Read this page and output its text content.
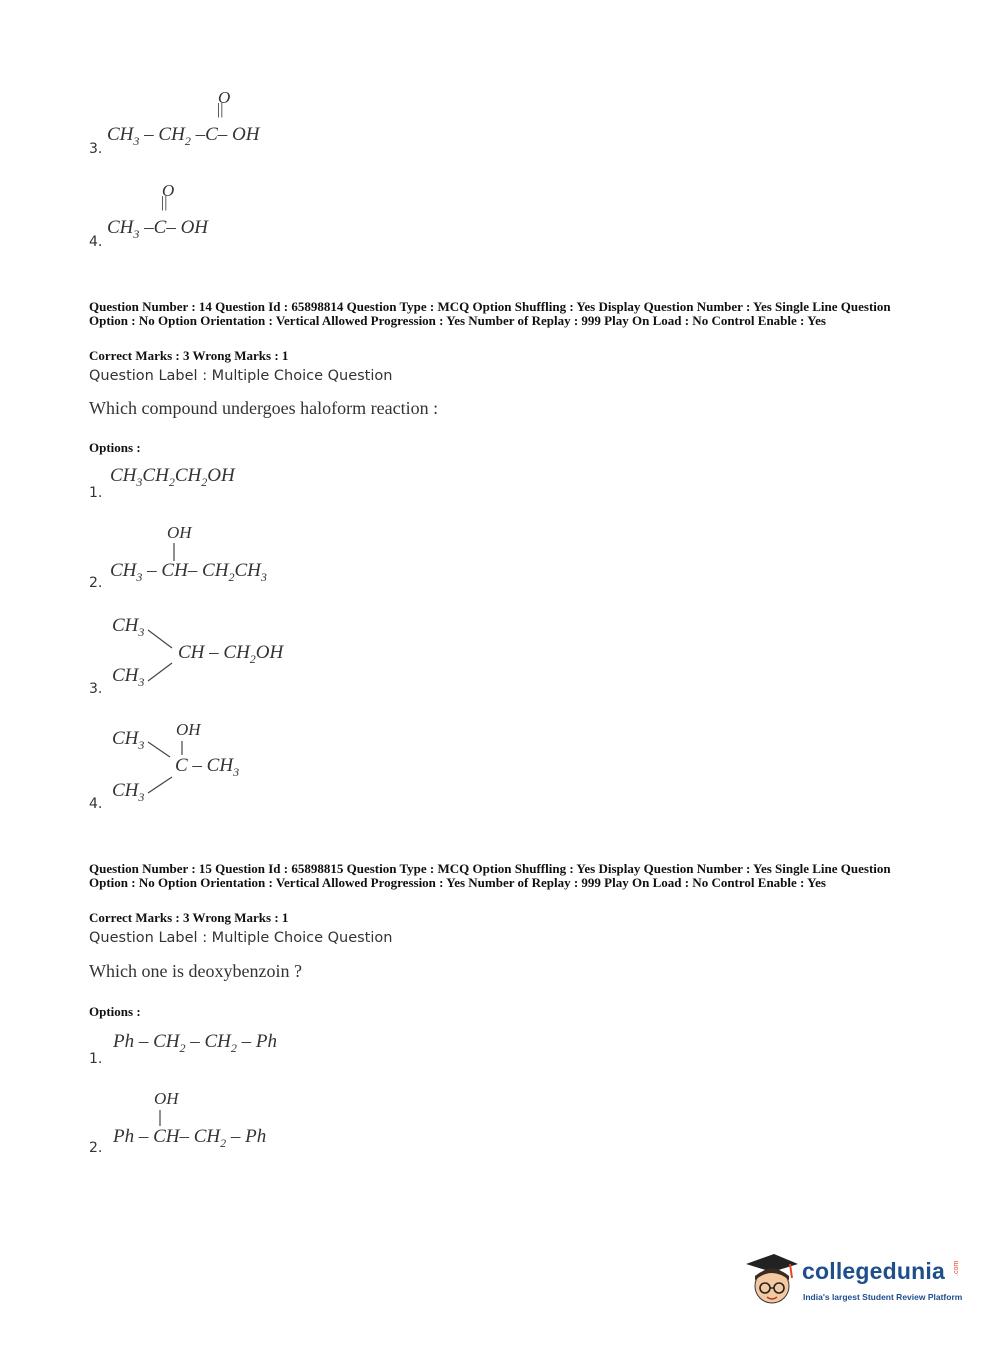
O
||
$CH_3 - CH_2$ –C– OH
3.
O
||
$CH_3$ –C– OH
4.
Question Number : 14 Question Id : 65898814 Question Type : MCQ Option Shuffling : Yes Display Question Number : Yes Single Line Question Option : No Option Orientation : Vertical Allowed Progression : Yes Number of Replay : 999 Play On Load : No Control Enable : Yes
Correct Marks : 3 Wrong Marks : 1
Question Label : Multiple Choice Question
Which compound undergoes haloform reaction :
Options :
$CH_3CH_2CH_2OH$
1.
OH
$CH_3 - CH-$ $CH_2CH_3$
2.
$CH_3$
CH – $CH_2OH$
$CH_3$
3.
OH
$CH_3$
C – $CH_3$
$CH_3$
4.
Question Number : 15 Question Id : 65898815 Question Type : MCQ Option Shuffling : Yes Display Question Number : Yes Single Line Question Option : No Option Orientation : Vertical Allowed Progression : Yes Number of Replay : 999 Play On Load : No Control Enable : Yes
Correct Marks : 3 Wrong Marks : 1
Question Label : Multiple Choice Question
Which one is deoxybenzoin ?
Options :
Ph – $CH_2 - CH_2$ – Ph
1.
OH
Ph – CH– $CH_2$ – Ph
2.
collegedunia .com
India's largest Student Review Platform
